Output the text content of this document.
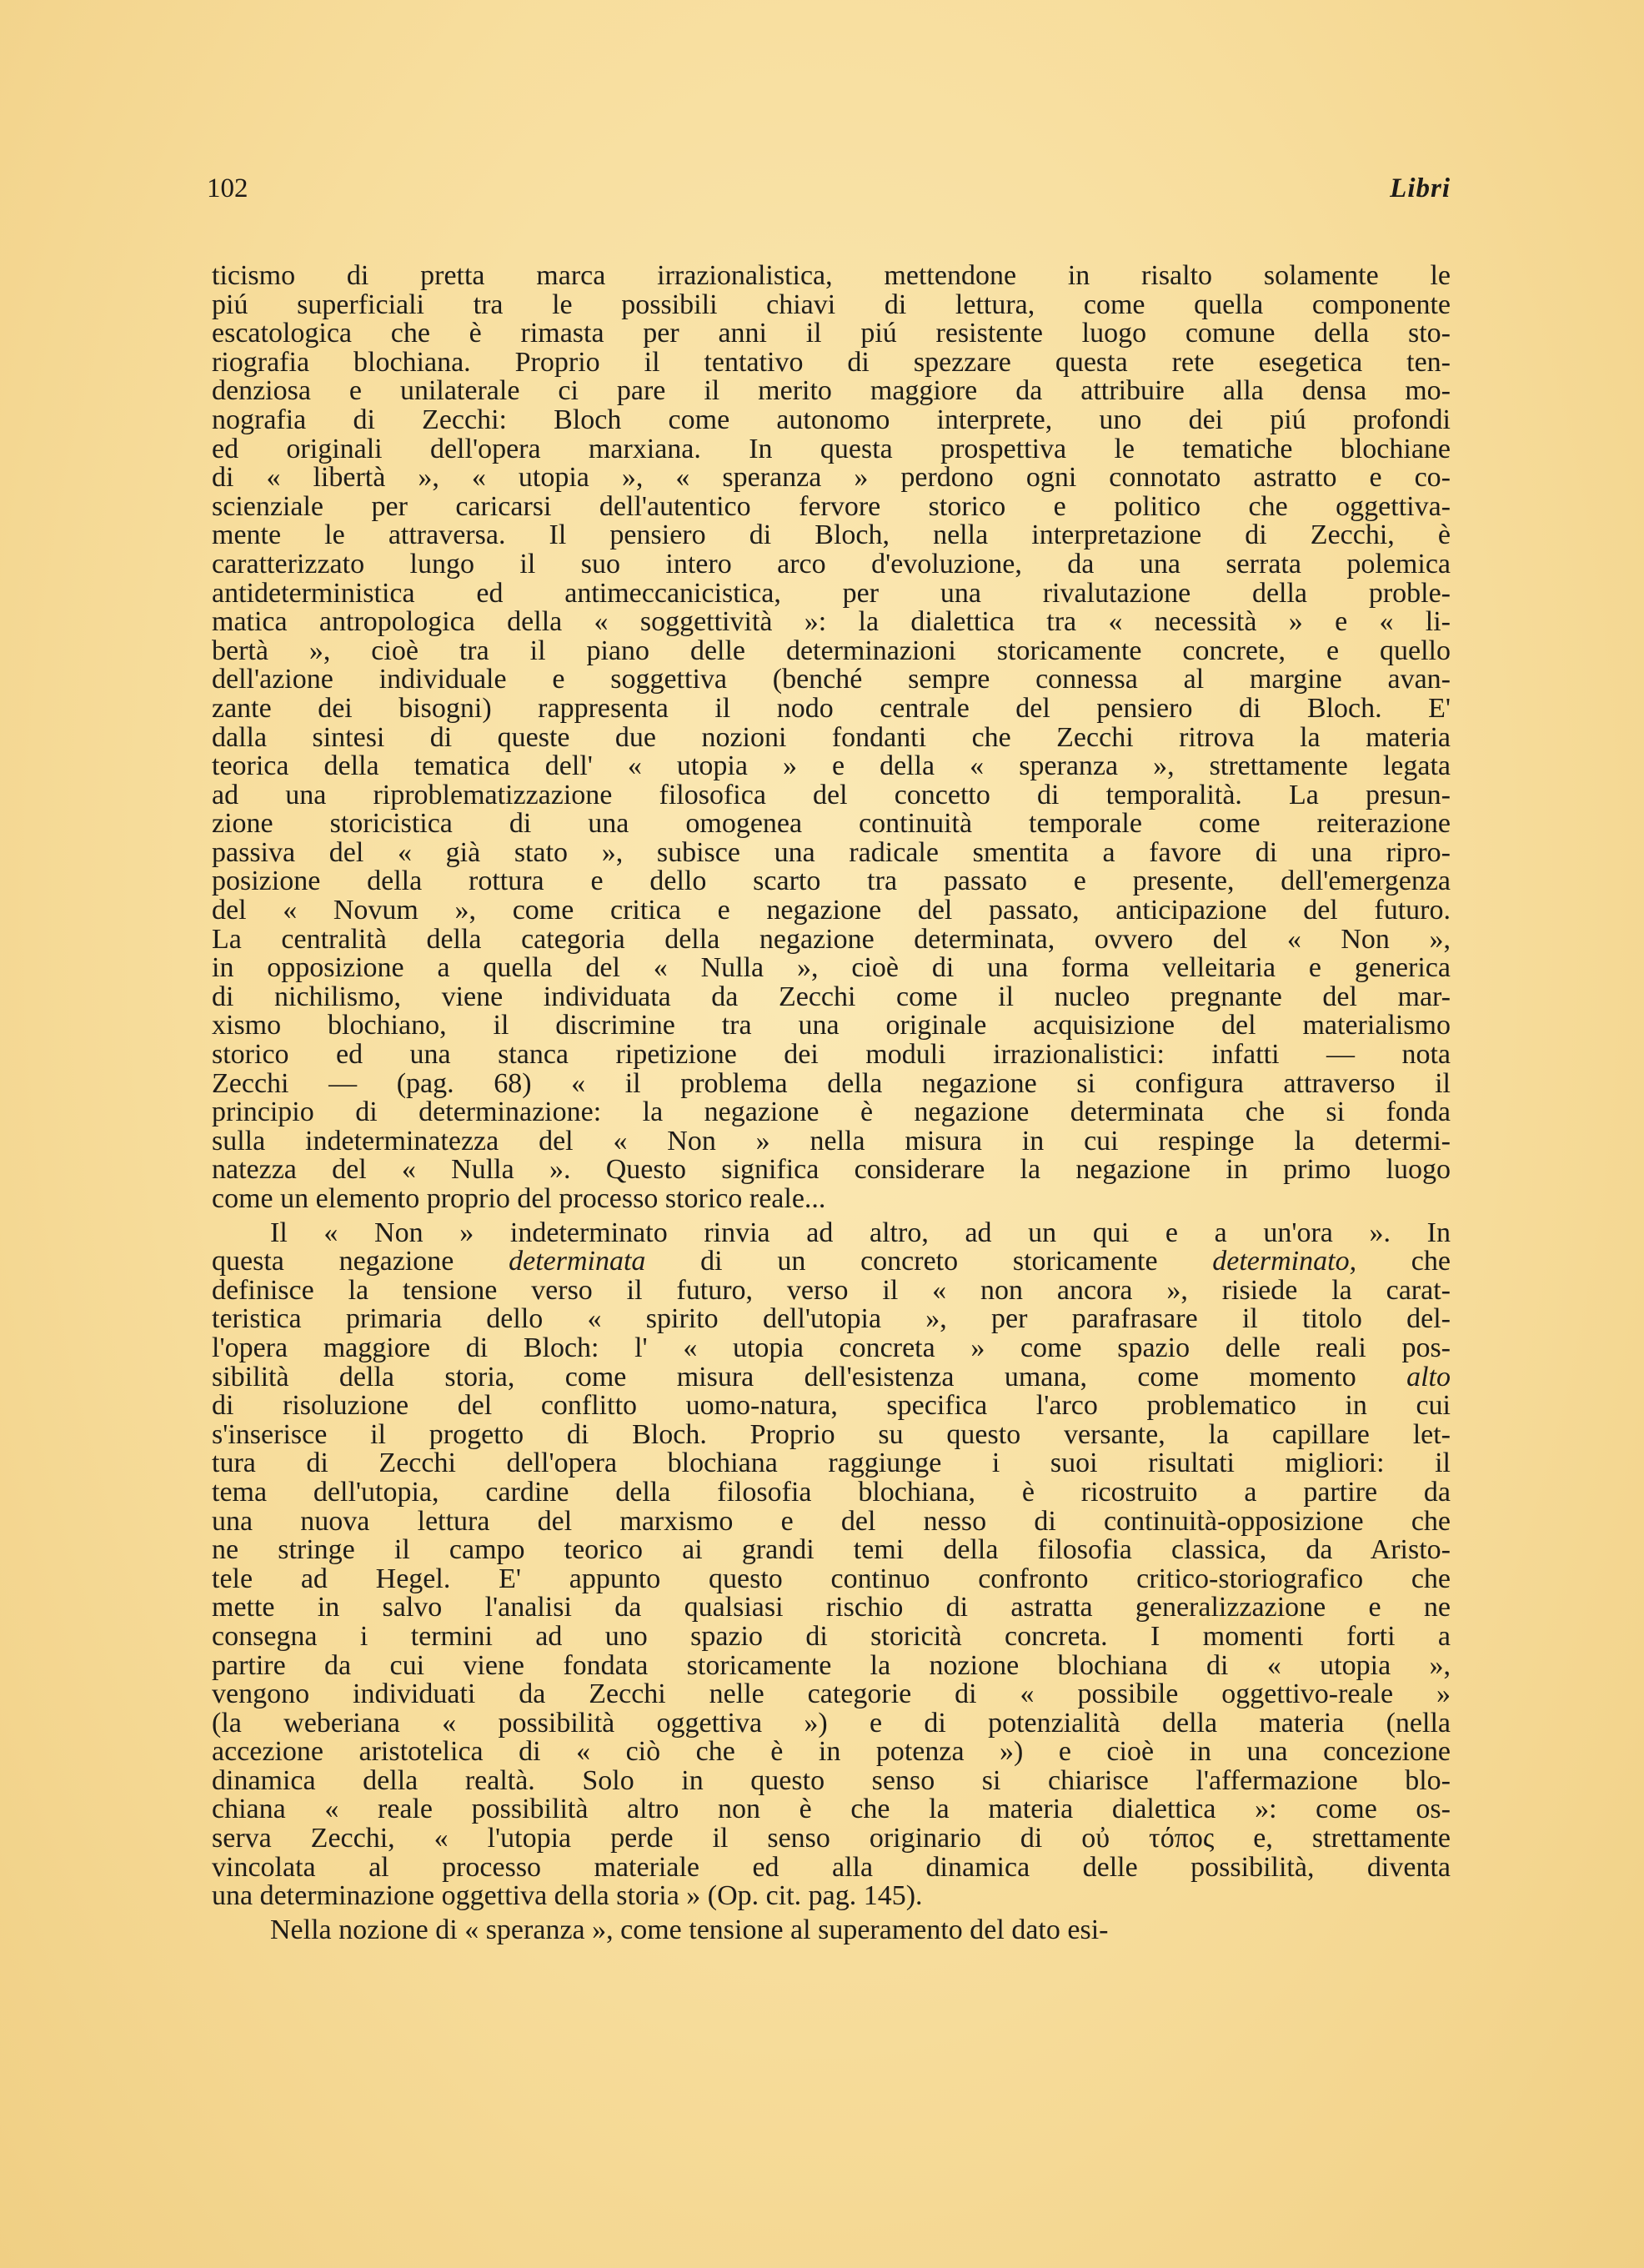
102	Libri
ticismo di pretta marca irrazionalistica, mettendone in risalto solamente le
piú superficiali tra le possibili chiavi di lettura, come quella componente
escatologica che è rimasta per anni il piú resistente luogo comune della sto-
riografia blochiana. Proprio il tentativo di spezzare questa rete esegetica ten-
denziosa e unilaterale ci pare il merito maggiore da attribuire alla densa mo-
nografia di Zecchi: Bloch come autonomo interprete, uno dei piú profondi
ed originali dell'opera marxiana. In questa prospettiva le tematiche blochiane
di « libertà », « utopia », « speranza » perdono ogni connotato astratto e co-
scienziale per caricarsi dell'autentico fervore storico e politico che oggettiva-
mente le attraversa. Il pensiero di Bloch, nella interpretazione di Zecchi, è
caratterizzato lungo il suo intero arco d'evoluzione, da una serrata polemica
antideterministica ed antimeccanicistica, per una rivalutazione della proble-
matica antropologica della « soggettività »: la dialettica tra « necessità » e « li-
bertà », cioè tra il piano delle determinazioni storicamente concrete, e quello
dell'azione individuale e soggettiva (benché sempre connessa al margine avan-
zante dei bisogni) rappresenta il nodo centrale del pensiero di Bloch. E'
dalla sintesi di queste due nozioni fondanti che Zecchi ritrova la materia
teorica della tematica dell' « utopia » e della « speranza », strettamente legata
ad una riproblematizzazione filosofica del concetto di temporalità. La presun-
zione storicistica di una omogenea continuità temporale come reiterazione
passiva del « già stato », subisce una radicale smentita a favore di una ripro-
posizione della rottura e dello scarto tra passato e presente, dell'emergenza
del « Novum », come critica e negazione del passato, anticipazione del futuro.
La centralità della categoria della negazione determinata, ovvero del « Non »,
in opposizione a quella del « Nulla », cioè di una forma velleitaria e generica
di nichilismo, viene individuata da Zecchi come il nucleo pregnante del mar-
xismo blochiano, il discrimine tra una originale acquisizione del materialismo
storico ed una stanca ripetizione dei moduli irrazionalistici: infatti — nota
Zecchi — (pag. 68) « il problema della negazione si configura attraverso il
principio di determinazione: la negazione è negazione determinata che si fonda
sulla indeterminatezza del « Non » nella misura in cui respinge la determi-
natezza del « Nulla ». Questo significa considerare la negazione in primo luogo
come un elemento proprio del processo storico reale...
Il « Non » indeterminato rinvia ad altro, ad un qui e a un'ora ». In
questa negazione determinata di un concreto storicamente determinato, che
definisce la tensione verso il futuro, verso il « non ancora », risiede la carat-
teristica primaria dello « spirito dell'utopia », per parafrasare il titolo del-
l'opera maggiore di Bloch: l' « utopia concreta » come spazio delle reali pos-
sibilità della storia, come misura dell'esistenza umana, come momento alto
di risoluzione del conflitto uomo-natura, specifica l'arco problematico in cui
s'inserisce il progetto di Bloch. Proprio su questo versante, la capillare let-
tura di Zecchi dell'opera blochiana raggiunge i suoi risultati migliori: il
tema dell'utopia, cardine della filosofia blochiana, è ricostruito a partire da
una nuova lettura del marxismo e del nesso di continuità-opposizione che
ne stringe il campo teorico ai grandi temi della filosofia classica, da Aristo-
tele ad Hegel. E' appunto questo continuo confronto critico-storiografico che
mette in salvo l'analisi da qualsiasi rischio di astratta generalizzazione e ne
consegna i termini ad uno spazio di storicità concreta. I momenti forti a
partire da cui viene fondata storicamente la nozione blochiana di « utopia »,
vengono individuati da Zecchi nelle categorie di « possibile oggettivo-reale »
(la weberiana « possibilità oggettiva ») e di potenzialità della materia (nella
accezione aristotelica di « ciò che è in potenza ») e cioè in una concezione
dinamica della realtà. Solo in questo senso si chiarisce l'affermazione blo-
chiana « reale possibilità altro non è che la materia dialettica »: come os-
serva Zecchi, « l'utopia perde il senso originario di οὐ τόπος e, strettamente
vincolata al processo materiale ed alla dinamica delle possibilità, diventa
una determinazione oggettiva della storia » (Op. cit. pag. 145).
Nella nozione di « speranza », come tensione al superamento del dato esi-
